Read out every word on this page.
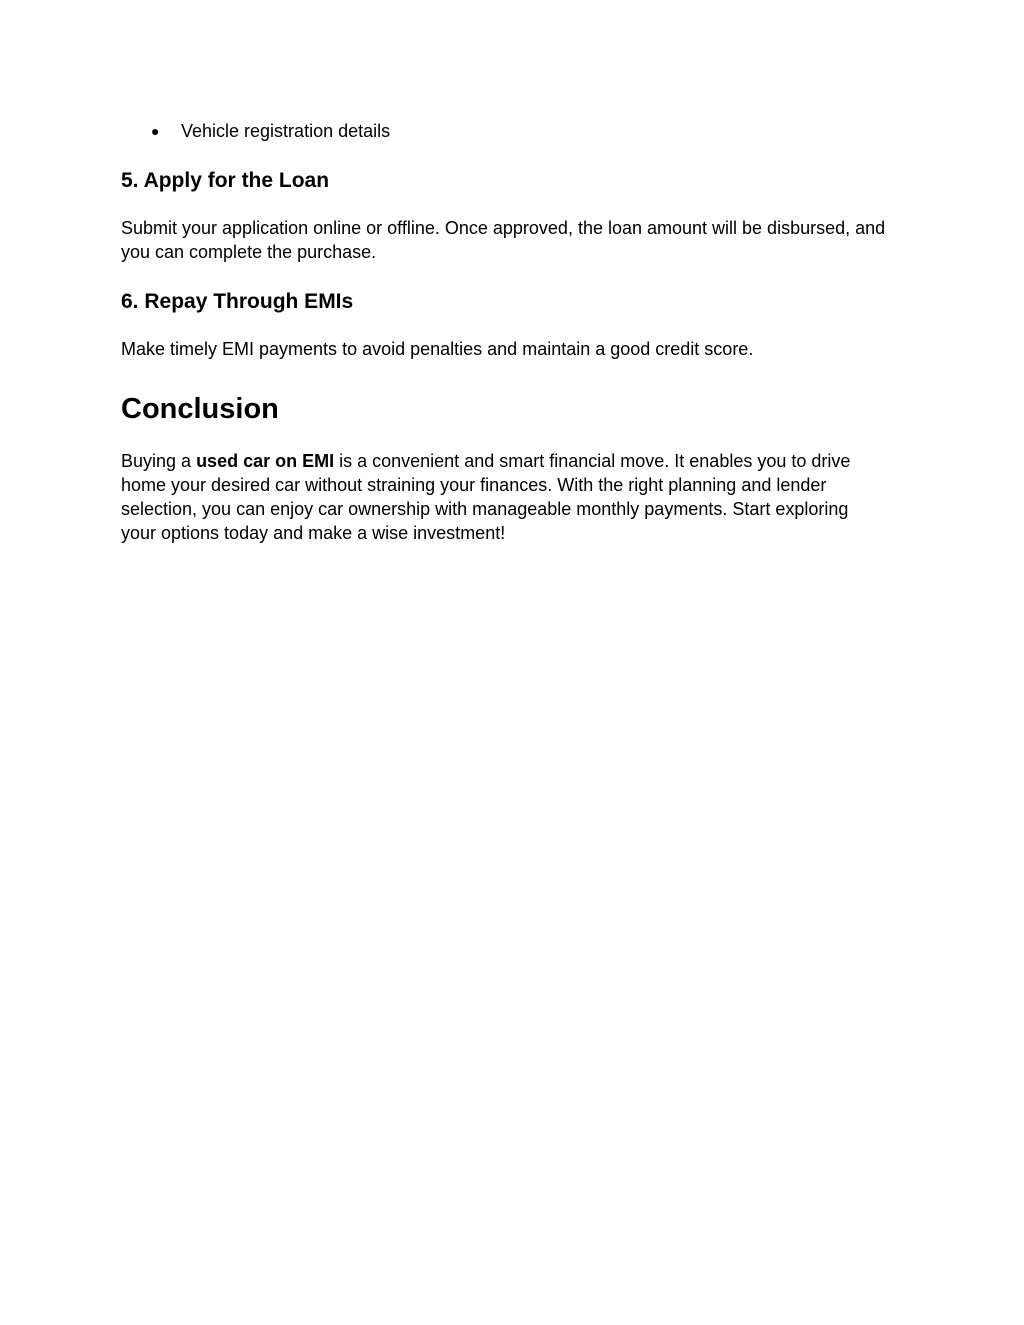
● Vehicle registration details
5. Apply for the Loan

Submit your application online or offline. Once approved, the loan amount will be disbursed, and you can complete the purchase.

6. Repay Through EMIs

Make timely EMI payments to avoid penalties and maintain a good credit score.

Conclusion

Buying a used car on EMI is a convenient and smart financial move. It enables you to drive home your desired car without straining your finances. With the right planning and lender selection, you can enjoy car ownership with manageable monthly payments. Start exploring your options today and make a wise investment!
